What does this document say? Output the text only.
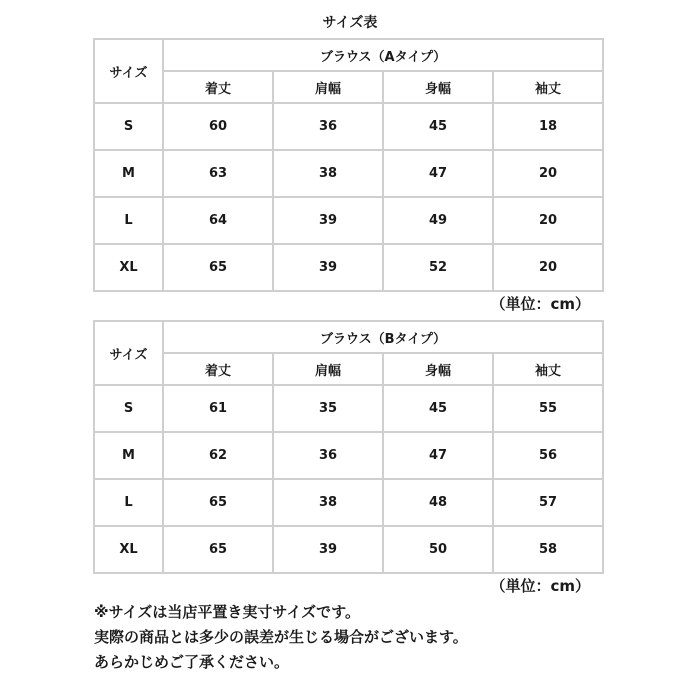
サイズ表
サイズ	ブラウス（Aタイプ）			
	着丈	肩幅	身幅	袖丈
S	60	36	45	18
M	63	38	47	20
L	64	39	49	20
XL	65	39	52	20
（単位：cm）
サイズ	ブラウス（Bタイプ）			
	着丈	肩幅	身幅	袖丈
S	61	35	45	55
M	62	36	47	56
L	65	38	48	57
XL	65	39	50	58
（単位：cm）
※サイズは当店平置き実寸サイズです。
実際の商品とは多少の誤差が生じる場合がございます。
あらかじめご了承ください。
